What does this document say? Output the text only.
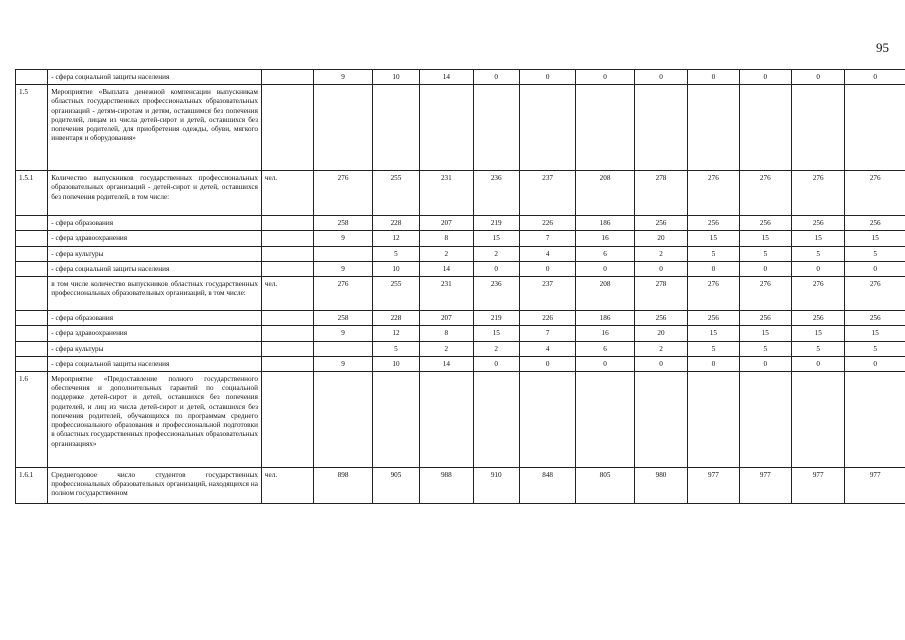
95
	- сфера социальной защиты населения		9	10	14	0	0	0	0	0	0	0	0
1.5	Мероприятие «Выплата денежной компенсации выпускникам областных государственных профессиональных образовательных организаций - детям-сиротам и детям, оставшимся без попечения родителей, лицам из числа детей-сирот и детей, оставшихся без попечения родителей, для приобретения одежды, обуви, мягкого инвентаря и оборудования»												
1.5.1	Количество выпускников государственных профессиональных образовательных организаций - детей-сирот и детей, оставшихся без попечения родителей, в том числе:	чел.	276	255	231	236	237	208	278	276	276	276	276
	- сфера образования		258	228	207	219	226	186	256	256	256	256	256
	- сфера здравоохранения		9	12	8	15	7	16	20	15	15	15	15
	- сфера культуры			5	2	2	4	6	2	5	5	5	5
	- сфера социальной защиты населения		9	10	14	0	0	0	0	0	0	0	0
	в том числе количество выпускников областных государственных профессиональных образовательных организаций, в том числе:	чел.	276	255	231	236	237	208	278	276	276	276	276
	- сфера образования		258	228	207	219	226	186	256	256	256	256	256
	- сфера здравоохранения		9	12	8	15	7	16	20	15	15	15	15
	- сфера культуры			5	2	2	4	6	2	5	5	5	5
	- сфера социальной защиты населения		9	10	14	0	0	0	0	0	0	0	0
1.6	Мероприятие «Предоставление полного государственного обеспечения и дополнительных гарантий по социальной поддержке детей-сирот и детей, оставшихся без попечения родителей, и лиц из числа детей-сирот и детей, оставшихся без попечения родителей, обучающихся по программам среднего профессионального образования и профессиональной подготовки в областных государственных профессиональных образовательных организациях»												
1.6.1	Среднегодовое число студентов государственных профессиональных образовательных организаций, находящихся на полном государственном	чел.	898	905	988	910	848	805	980	977	977	977	977
